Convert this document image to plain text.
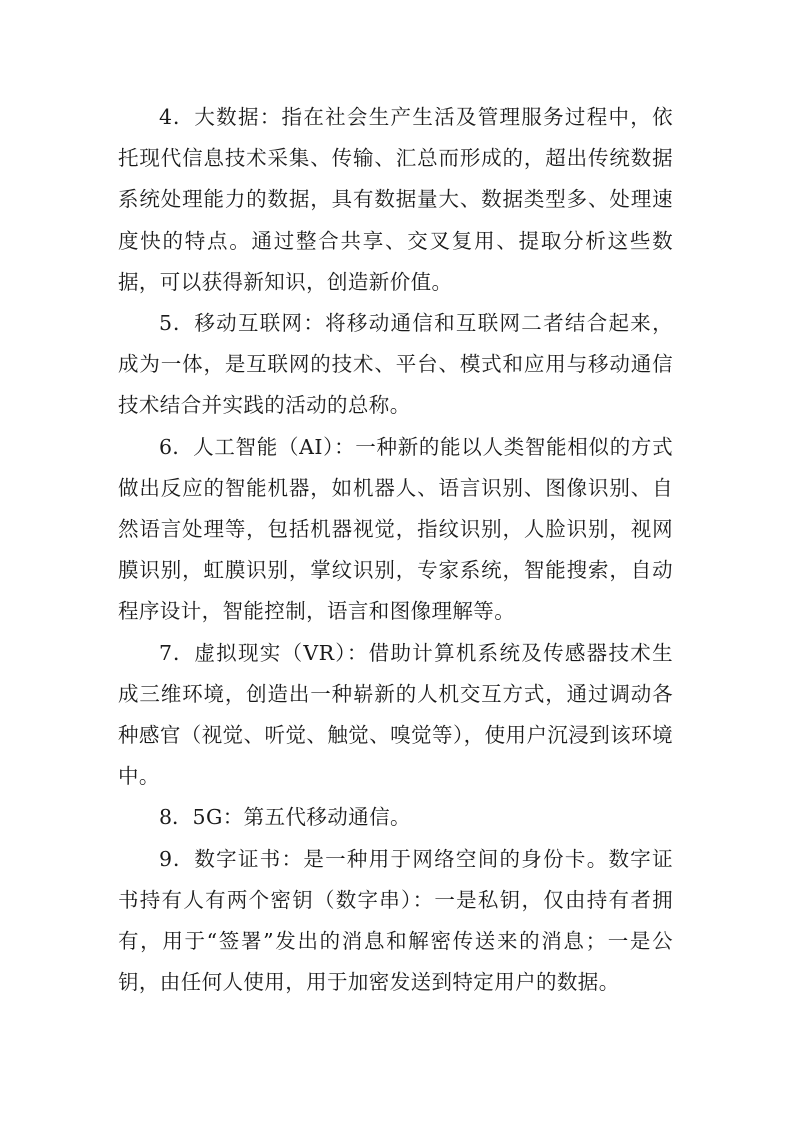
4．大数据：指在社会生产生活及管理服务过程中，依托现代信息技术采集、传输、汇总而形成的，超出传统数据系统处理能力的数据，具有数据量大、数据类型多、处理速度快的特点。通过整合共享、交叉复用、提取分析这些数据，可以获得新知识，创造新价值。

5．移动互联网：将移动通信和互联网二者结合起来，成为一体，是互联网的技术、平台、模式和应用与移动通信技术结合并实践的活动的总称。

6．人工智能（AI）：一种新的能以人类智能相似的方式做出反应的智能机器，如机器人、语言识别、图像识别、自然语言处理等，包括机器视觉，指纹识别，人脸识别，视网膜识别，虹膜识别，掌纹识别，专家系统，智能搜索，自动程序设计，智能控制，语言和图像理解等。

7．虚拟现实（VR）：借助计算机系统及传感器技术生成三维环境，创造出一种崭新的人机交互方式，通过调动各种感官（视觉、听觉、触觉、嗅觉等），使用户沉浸到该环境中。

8．5G：第五代移动通信。

9．数字证书：是一种用于网络空间的身份卡。数字证书持有人有两个密钥（数字串）：一是私钥，仅由持有者拥有，用于“签署”发出的消息和解密传送来的消息；一是公钥，由任何人使用，用于加密发送到特定用户的数据。
